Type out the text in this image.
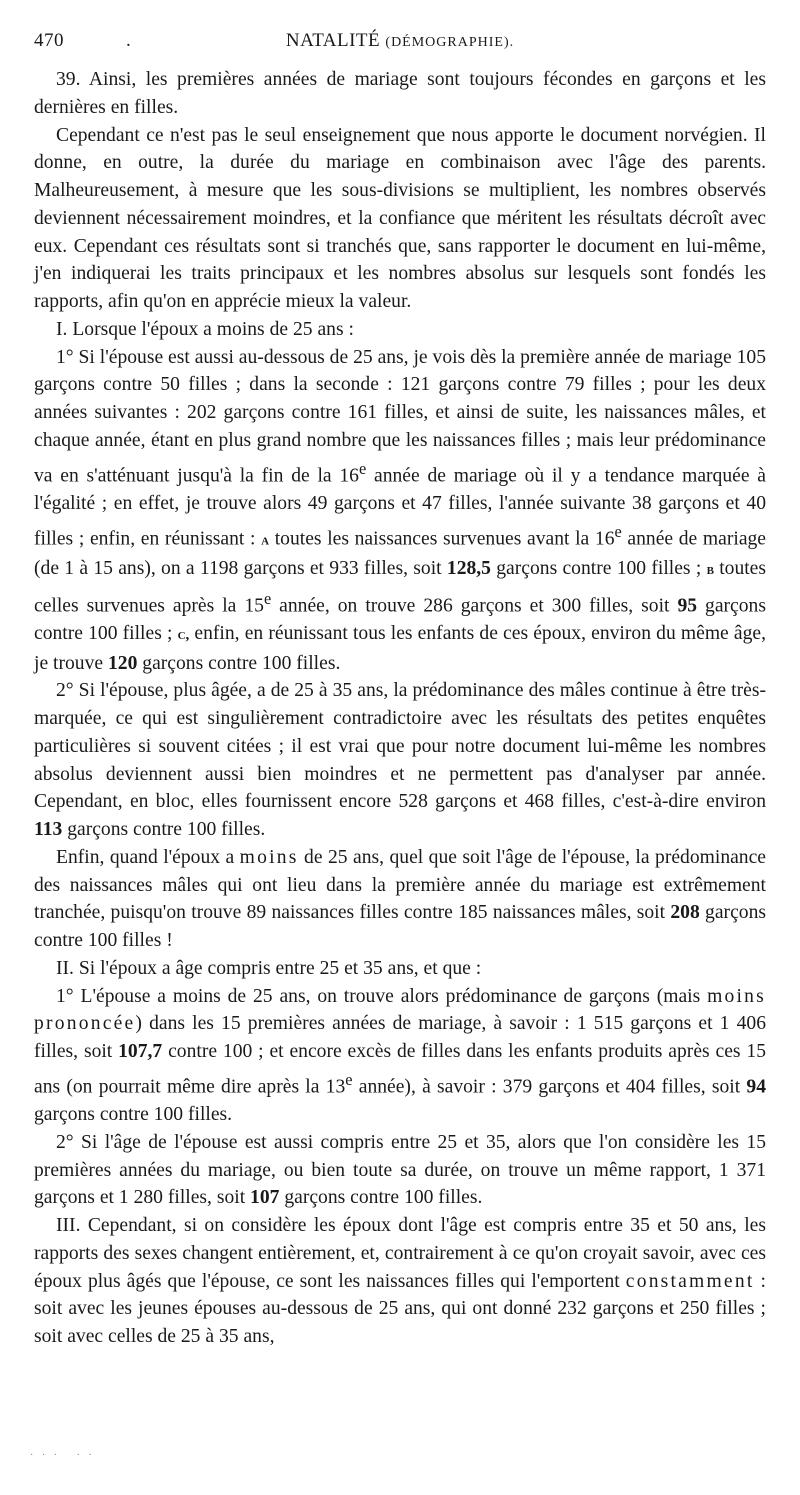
470	.	NATALITÉ (DÉMOGRAPHIE).

39. Ainsi, les premières années de mariage sont toujours fécondes en garçons et les dernières en filles.

Cependant ce n'est pas le seul enseignement que nous apporte le document norvégien. Il donne, en outre, la durée du mariage en combinaison avec l'âge des parents. Malheureusement, à mesure que les sous-divisions se multiplient, les nombres observés deviennent nécessairement moindres, et la confiance que méritent les résultats décroît avec eux. Cependant ces résultats sont si tranchés que, sans rapporter le document en lui-même, j'en indiquerai les traits principaux et les nombres absolus sur lesquels sont fondés les rapports, afin qu'on en apprécie mieux la valeur.

I. Lorsque l'époux a moins de 25 ans :

1° Si l'épouse est aussi au-dessous de 25 ans, je vois dès la première année de mariage 105 garçons contre 50 filles ; dans la seconde : 121 garçons contre 79 filles ; pour les deux années suivantes : 202 garçons contre 161 filles, et ainsi de suite, les naissances mâles, et chaque année, étant en plus grand nombre que les naissances filles ; mais leur prédominance va en s'atténuant jusqu'à la fin de la 16e année de mariage où il y a tendance marquée à l'égalité ; en effet, je trouve alors 49 garçons et 47 filles, l'année suivante 38 garçons et 40 filles ; enfin, en réunissant : a toutes les naissances survenues avant la 16e année de mariage (de 1 à 15 ans), on a 1198 garçons et 933 filles, soit 128,5 garçons contre 100 filles ; b toutes celles survenues après la 15e année, on trouve 286 garçons et 300 filles, soit 95 garçons contre 100 filles ; c, enfin, en réunissant tous les enfants de ces époux, environ du même âge, je trouve 120 garçons contre 100 filles.

2° Si l'épouse, plus âgée, a de 25 à 35 ans, la prédominance des mâles continue à être très-marquée, ce qui est singulièrement contradictoire avec les résultats des petites enquêtes particulières si souvent citées ; il est vrai que pour notre document lui-même les nombres absolus deviennent aussi bien moindres et ne permettent pas d'analyser par année. Cependant, en bloc, elles fournissent encore 528 garçons et 468 filles, c'est-à-dire environ 113 garçons contre 100 filles.

Enfin, quand l'époux a moins de 25 ans, quel que soit l'âge de l'épouse, la prédominance des naissances mâles qui ont lieu dans la première année du mariage est extrêmement tranchée, puisqu'on trouve 89 naissances filles contre 185 naissances mâles, soit 208 garçons contre 100 filles !

II. Si l'époux a âge compris entre 25 et 35 ans, et que :

1° L'épouse a moins de 25 ans, on trouve alors prédominance de garçons (mais moins prononcée) dans les 15 premières années de mariage, à savoir : 1 515 garçons et 1 406 filles, soit 107,7 contre 100 ; et encore excès de filles dans les enfants produits après ces 15 ans (on pourrait même dire après la 13e année), à savoir : 379 garçons et 404 filles, soit 94 garçons contre 100 filles.

2° Si l'âge de l'épouse est aussi compris entre 25 et 35, alors que l'on considère les 15 premières années du mariage, ou bien toute sa durée, on trouve un même rapport, 1 371 garçons et 1 280 filles, soit 107 garçons contre 100 filles.

III. Cependant, si on considère les époux dont l'âge est compris entre 35 et 50 ans, les rapports des sexes changent entièrement, et, contrairement à ce qu'on croyait savoir, avec ces époux plus âgés que l'épouse, ce sont les naissances filles qui l'emportent constamment : soit avec les jeunes épouses au-dessous de 25 ans, qui ont donné 232 garçons et 250 filles ; soit avec celles de 25 à 35 ans,

· · ·   · ·
